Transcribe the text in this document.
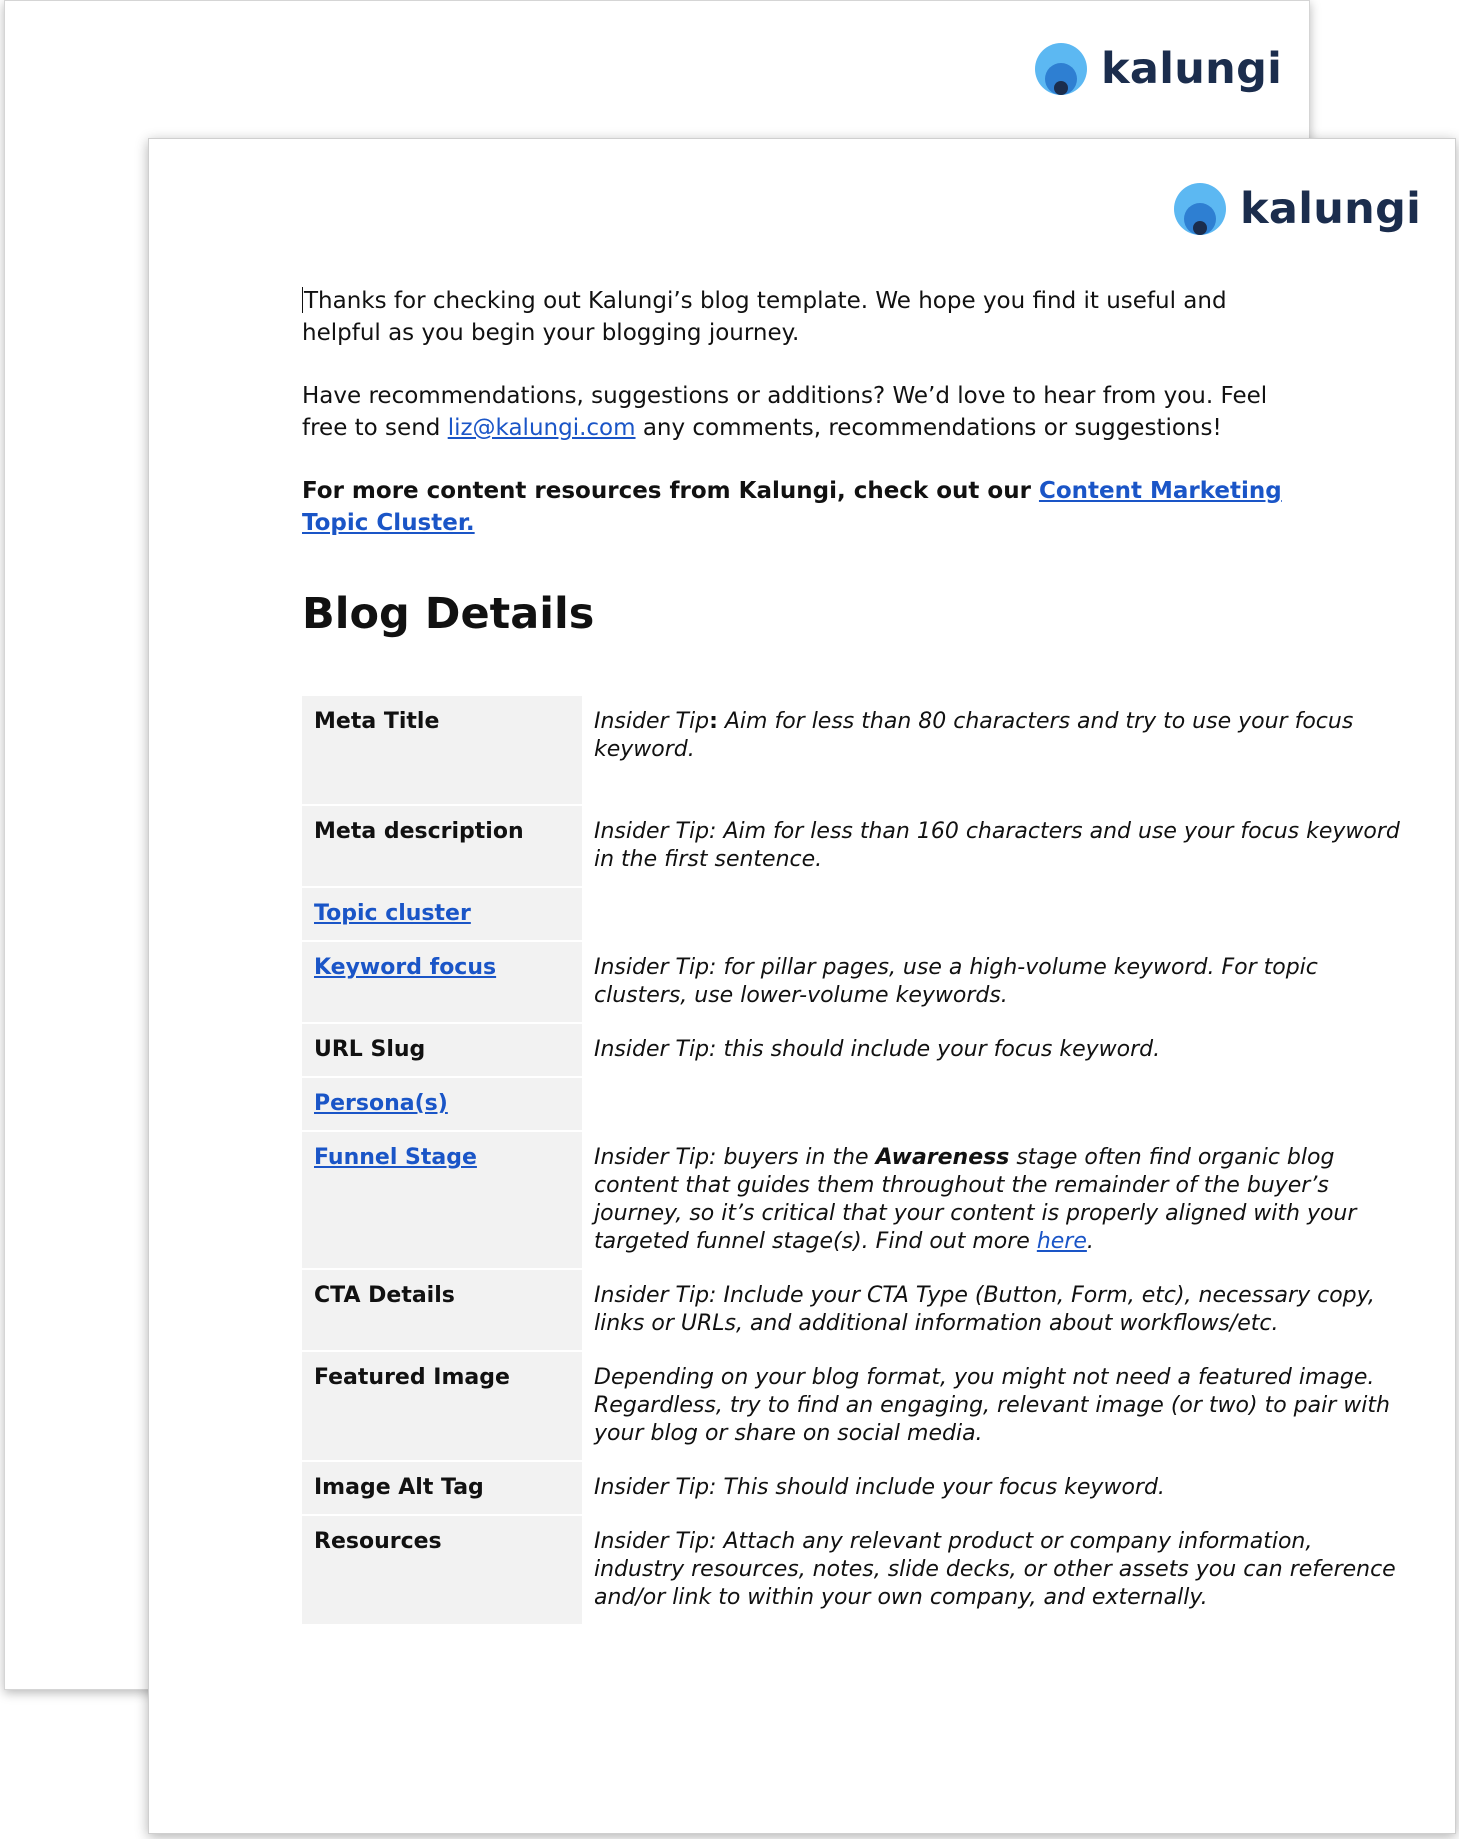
kalungi
kalungi

Thanks for checking out Kalungi’s blog template. We hope you find it useful and helpful as you begin your blogging journey.

Have recommendations, suggestions or additions? We’d love to hear from you. Feel free to send liz@kalungi.com any comments, recommendations or suggestions!

For more content resources from Kalungi, check out our Content Marketing Topic Cluster.

Blog Details
Meta Title	Insider Tip: Aim for less than 80 characters and try to use your focus keyword.

Meta description	Insider Tip: Aim for less than 160 characters and use your focus keyword in the first sentence.
Topic cluster	
Keyword focus	Insider Tip: for pillar pages, use a high-volume keyword. For topic clusters, use lower-volume keywords.
URL Slug	Insider Tip: this should include your focus keyword.
Persona(s)	
Funnel Stage	Insider Tip: buyers in the Awareness stage often find organic blog content that guides them throughout the remainder of the buyer’s journey, so it’s critical that your content is properly aligned with your targeted funnel stage(s). Find out more here.
CTA Details	Insider Tip: Include your CTA Type (Button, Form, etc), necessary copy, links or URLs, and additional information about workflows/etc.
Featured Image	Depending on your blog format, you might not need a featured image. Regardless, try to find an engaging, relevant image (or two) to pair with your blog or share on social media.
Image Alt Tag	Insider Tip: This should include your focus keyword.
Resources	Insider Tip: Attach any relevant product or company information, industry resources, notes, slide decks, or other assets you can reference and/or link to within your own company, and externally.
